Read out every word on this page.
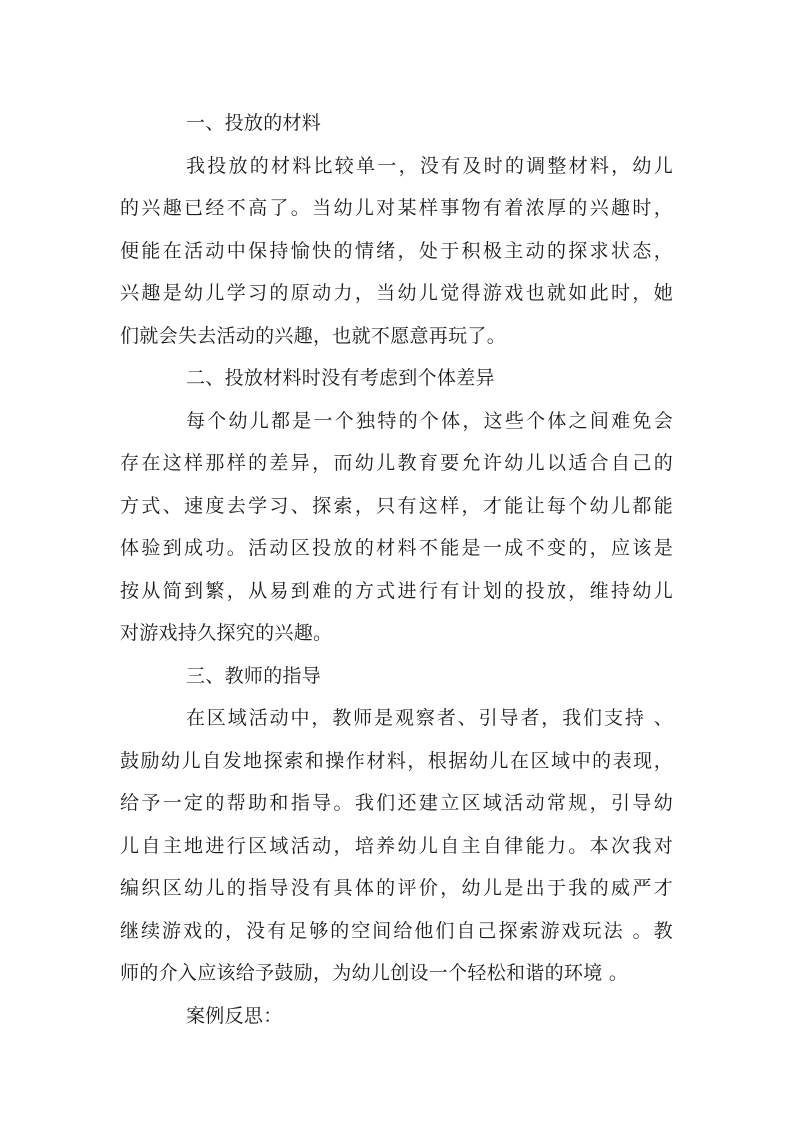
一、投放的材料
我投放的材料比较单一，没有及时的调整材料，幼儿
的兴趣已经不高了。当幼儿对某样事物有着浓厚的兴趣时，
便能在活动中保持愉快的情绪，处于积极主动的探求状态，
兴趣是幼儿学习的原动力，当幼儿觉得游戏也就如此时，她
们就会失去活动的兴趣，也就不愿意再玩了。
二、投放材料时没有考虑到个体差异
每个幼儿都是一个独特的个体，这些个体之间难免会
存在这样那样的差异，而幼儿教育要允许幼儿以适合自己的
方式、速度去学习、探索，只有这样，才能让每个幼儿都能
体验到成功。活动区投放的材料不能是一成不变的，应该是
按从简到繁，从易到难的方式进行有计划的投放，维持幼儿
对游戏持久探究的兴趣。
三、教师的指导
在区域活动中，教师是观察者、引导者，我们支持 、
鼓励幼儿自发地探索和操作材料，根据幼儿在区域中的表现，
给予一定的帮助和指导。我们还建立区域活动常规，引导幼
儿自主地进行区域活动，培养幼儿自主自律能力。本次我对
编织区幼儿的指导没有具体的评价，幼儿是出于我的威严才
继续游戏的，没有足够的空间给他们自己探索游戏玩法 。教
师的介入应该给予鼓励，为幼儿创设一个轻松和谐的环境 。
案例反思：
